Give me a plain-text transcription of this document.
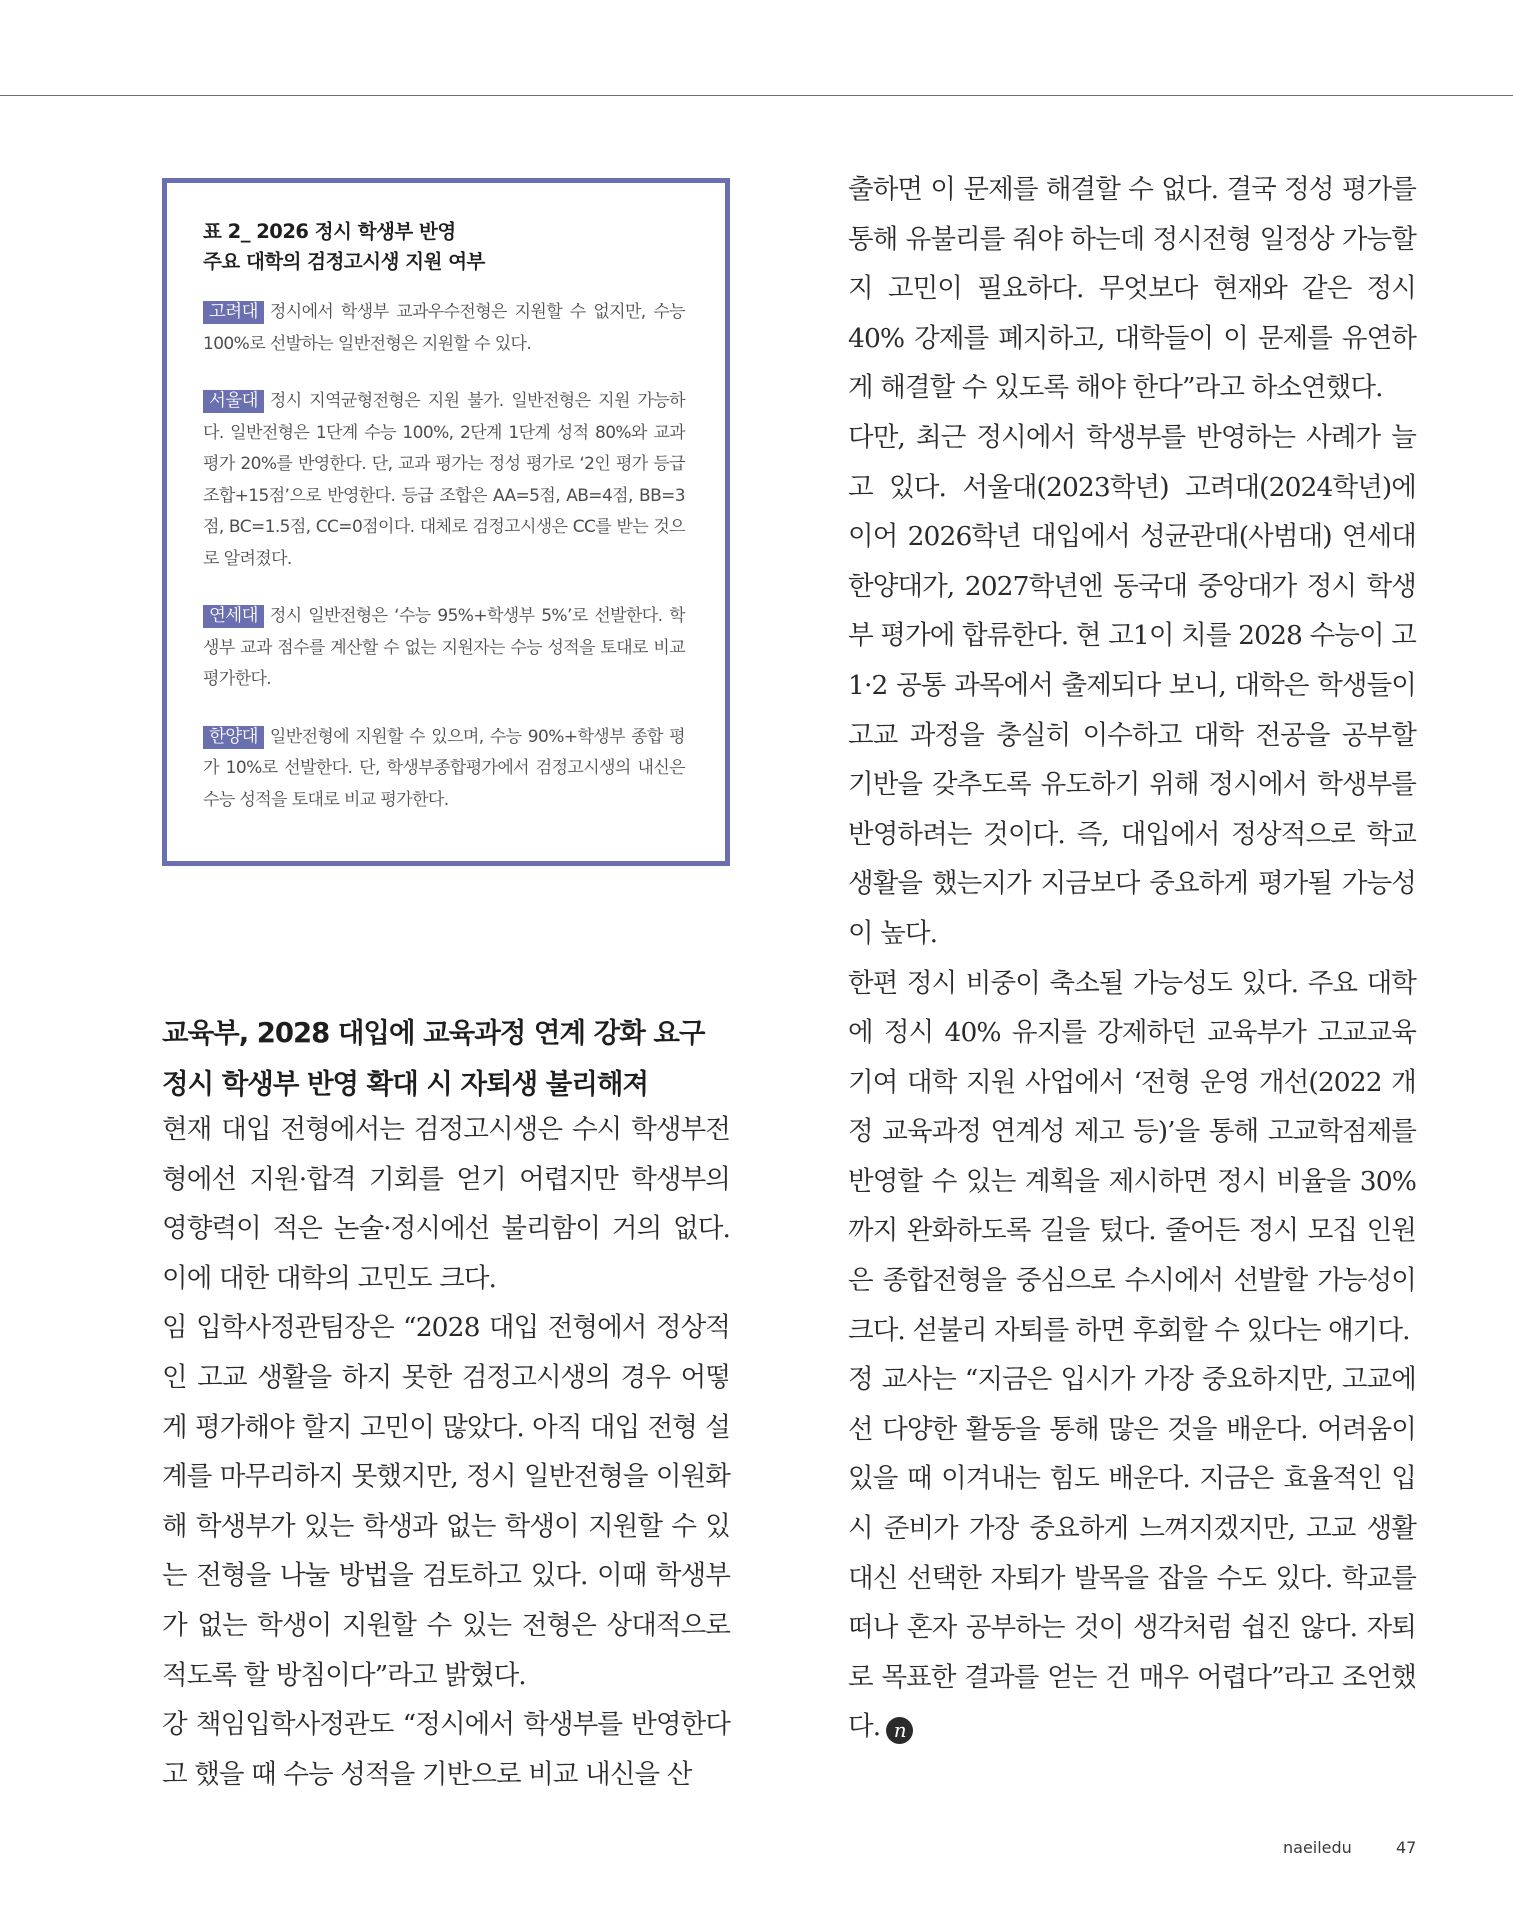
표 2_ 2026 정시 학생부 반영
주요 대학의 검정고시생 지원 여부
고려대 정시에서 학생부 교과우수전형은 지원할 수 없지만, 수능 100%로 선발하는 일반전형은 지원할 수 있다.
서울대 정시 지역균형전형은 지원 불가. 일반전형은 지원 가능하다. 일반전형은 1단계 수능 100%, 2단계 1단계 성적 80%와 교과 평가 20%를 반영한다. 단, 교과 평가는 정성 평가로 ‘2인 평가 등급 조합+15점’으로 반영한다. 등급 조합은 AA=5점, AB=4점, BB=3점, BC=1.5점, CC=0점이다. 대체로 검정고시생은 CC를 받는 것으로 알려졌다.
연세대 정시 일반전형은 ‘수능 95%+학생부 5%’로 선발한다. 학생부 교과 점수를 계산할 수 없는 지원자는 수능 성적을 토대로 비교 평가한다.
한양대 일반전형에 지원할 수 있으며, 수능 90%+학생부 종합 평가 10%로 선발한다. 단, 학생부종합평가에서 검정고시생의 내신은 수능 성적을 토대로 비교 평가한다.
교육부, 2028 대입에 교육과정 연계 강화 요구
정시 학생부 반영 확대 시 자퇴생 불리해져

현재 대입 전형에서는 검정고시생은 수시 학생부전형에선 지원·합격 기회를 얻기 어렵지만 학생부의 영향력이 적은 논술·정시에선 불리함이 거의 없다. 이에 대한 대학의 고민도 크다.

임 입학사정관팀장은 “2028 대입 전형에서 정상적인 고교 생활을 하지 못한 검정고시생의 경우 어떻게 평가해야 할지 고민이 많았다. 아직 대입 전형 설계를 마무리하지 못했지만, 정시 일반전형을 이원화해 학생부가 있는 학생과 없는 학생이 지원할 수 있는 전형을 나눌 방법을 검토하고 있다. 이때 학생부가 없는 학생이 지원할 수 있는 전형은 상대적으로 적도록 할 방침이다”라고 밝혔다.

강 책임입학사정관도 “정시에서 학생부를 반영한다고 했을 때 수능 성적을 기반으로 비교 내신을 산

출하면 이 문제를 해결할 수 없다. 결국 정성 평가를 통해 유불리를 줘야 하는데 정시전형 일정상 가능할지 고민이 필요하다. 무엇보다 현재와 같은 정시 40% 강제를 폐지하고, 대학들이 이 문제를 유연하게 해결할 수 있도록 해야 한다”라고 하소연했다.

다만, 최근 정시에서 학생부를 반영하는 사례가 늘고 있다. 서울대(2023학년) 고려대(2024학년)에 이어 2026학년 대입에서 성균관대(사범대) 연세대 한양대가, 2027학년엔 동국대 중앙대가 정시 학생부 평가에 합류한다. 현 고1이 치를 2028 수능이 고1·2 공통 과목에서 출제되다 보니, 대학은 학생들이 고교 과정을 충실히 이수하고 대학 전공을 공부할 기반을 갖추도록 유도하기 위해 정시에서 학생부를 반영하려는 것이다. 즉, 대입에서 정상적으로 학교생활을 했는지가 지금보다 중요하게 평가될 가능성이 높다.

한편 정시 비중이 축소될 가능성도 있다. 주요 대학에 정시 40% 유지를 강제하던 교육부가 고교교육 기여 대학 지원 사업에서 ‘전형 운영 개선(2022 개정 교육과정 연계성 제고 등)’을 통해 고교학점제를 반영할 수 있는 계획을 제시하면 정시 비율을 30%까지 완화하도록 길을 텄다. 줄어든 정시 모집 인원은 종합전형을 중심으로 수시에서 선발할 가능성이 크다. 섣불리 자퇴를 하면 후회할 수 있다는 얘기다.

정 교사는 “지금은 입시가 가장 중요하지만, 고교에선 다양한 활동을 통해 많은 것을 배운다. 어려움이 있을 때 이겨내는 힘도 배운다. 지금은 효율적인 입시 준비가 가장 중요하게 느껴지겠지만, 고교 생활 대신 선택한 자퇴가 발목을 잡을 수도 있다. 학교를 떠나 혼자 공부하는 것이 생각처럼 쉽진 않다. 자퇴로 목표한 결과를 얻는 건 매우 어렵다”라고 조언했다. n

naeiledu	47
